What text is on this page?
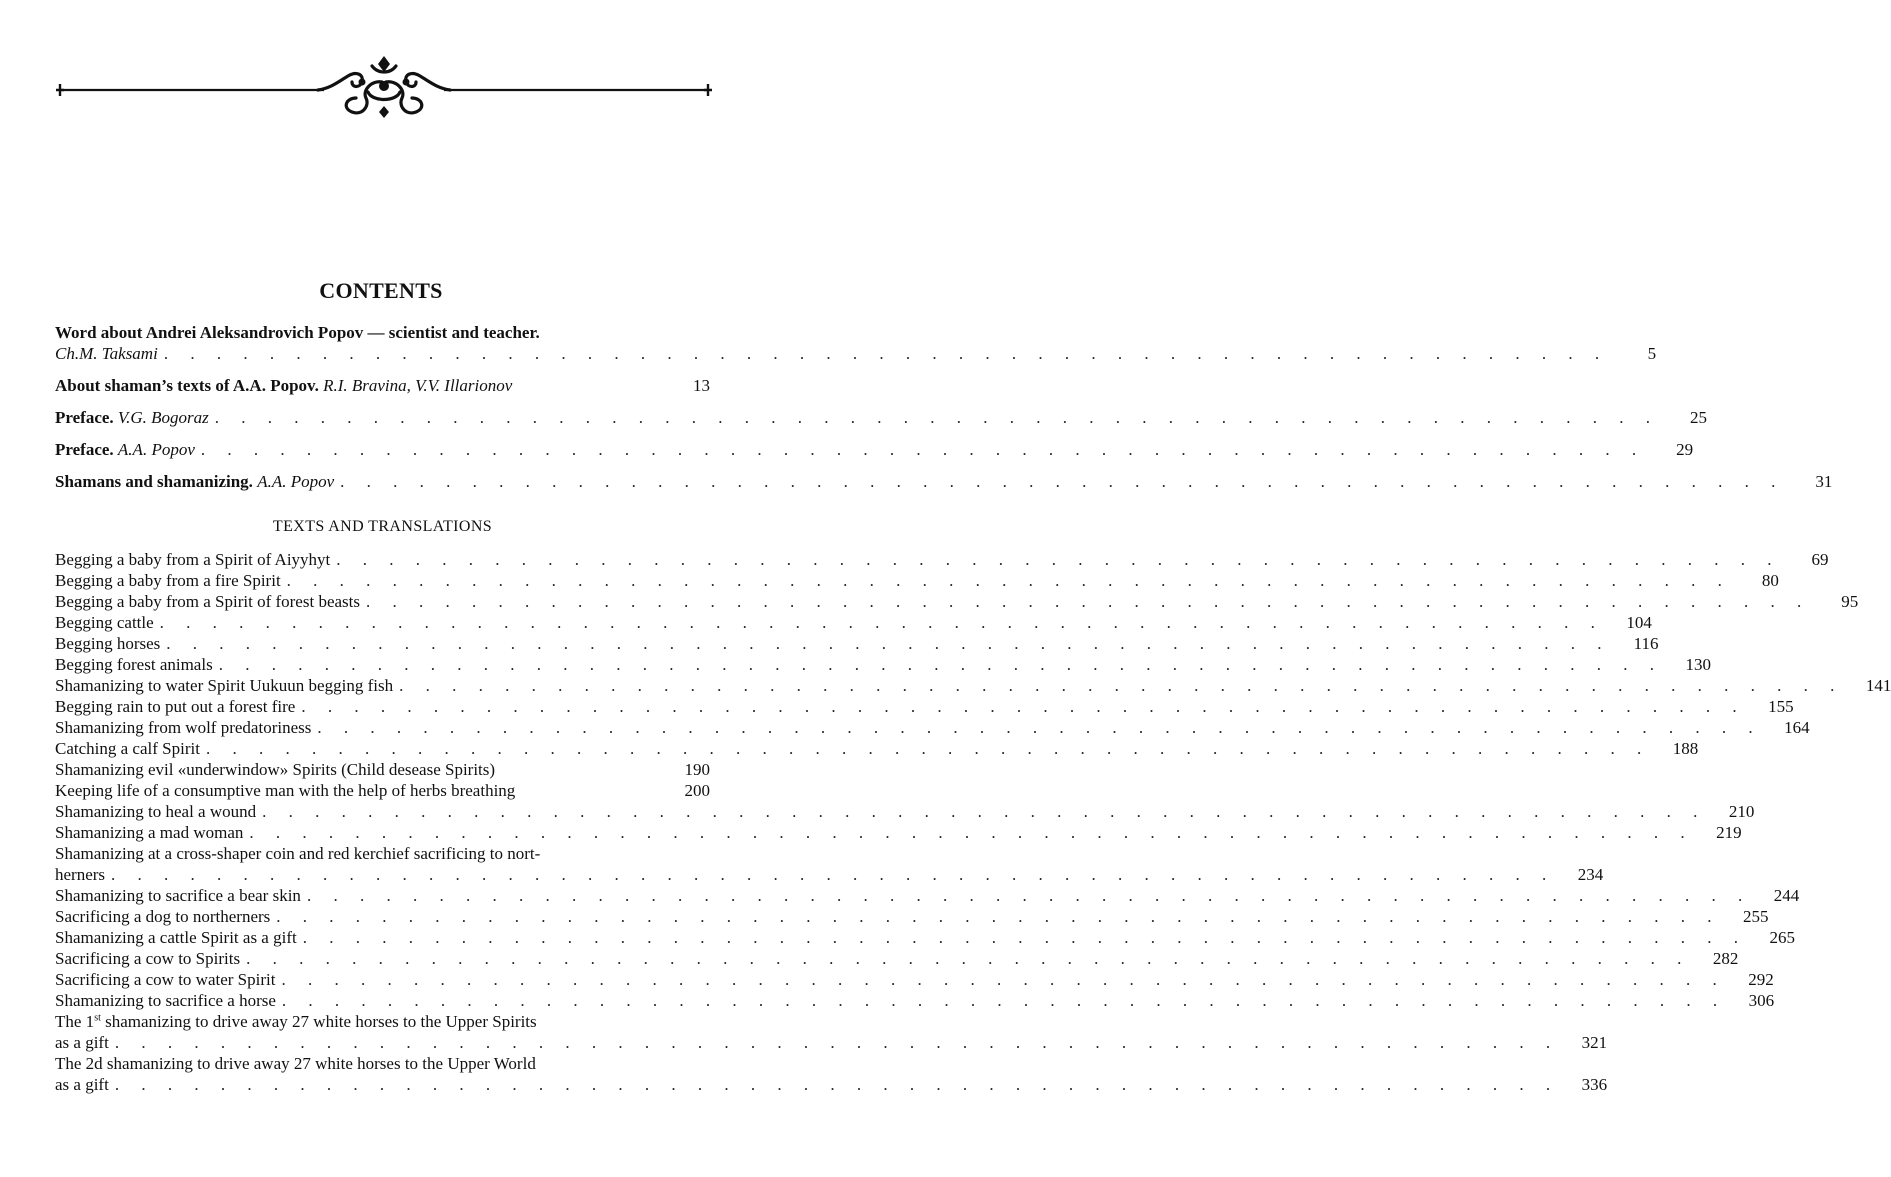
CONTENTS
Word about Andrei Aleksandrovich Popov — scientist and teacher.
Ch.M. Taksami . . . . . . . . . . . . . . . . . . . . . . . . . . . . . . . . . . . . . . . . . . . . . . . . . . . . . . .	5
About shaman’s texts of A.A. Popov. R.I. Bravina, V.V. Illarionov	13
Preface. V.G. Bogoraz . . . . . . . . . . . . . . . . . . . . . . . . . . . . . . . . . . . . . . . . . . . . . . . . . . . . . . .	25
Preface. A.A. Popov . . . . . . . . . . . . . . . . . . . . . . . . . . . . . . . . . . . . . . . . . . . . . . . . . . . . . . .	29
Shamans and shamanizing. A.A. Popov . . . . . . . . . . . . . . . . . . . . . . . . . . . . . . . . . . . . . . . . . . . . . . . . . . . . . . .	31
TEXTS AND TRANSLATIONS
Begging a baby from a Spirit of Aiyyhyt . . . . . . . . . . . . . . . . . . . . . . . . . . . . . . . . . . . . . . . . . . . . . . . . . . . . . . .	69
Begging a baby from a fire Spirit . . . . . . . . . . . . . . . . . . . . . . . . . . . . . . . . . . . . . . . . . . . . . . . . . . . . . . .	80
Begging a baby from a Spirit of forest beasts . . . . . . . . . . . . . . . . . . . . . . . . . . . . . . . . . . . . . . . . . . . . . . . . . . . . . . .	95
Begging cattle . . . . . . . . . . . . . . . . . . . . . . . . . . . . . . . . . . . . . . . . . . . . . . . . . . . . . . .	104
Begging horses . . . . . . . . . . . . . . . . . . . . . . . . . . . . . . . . . . . . . . . . . . . . . . . . . . . . . . .	116
Begging forest animals . . . . . . . . . . . . . . . . . . . . . . . . . . . . . . . . . . . . . . . . . . . . . . . . . . . . . . .	130
Shamanizing to water Spirit Uukuun begging fish . . . . . . . . . . . . . . . . . . . . . . . . . . . . . . . . . . . . . . . . . . . . . . . . . . . . . . .	141
Begging rain to put out a forest fire . . . . . . . . . . . . . . . . . . . . . . . . . . . . . . . . . . . . . . . . . . . . . . . . . . . . . . .	155
Shamanizing from wolf predatoriness . . . . . . . . . . . . . . . . . . . . . . . . . . . . . . . . . . . . . . . . . . . . . . . . . . . . . . .	164
Catching a calf Spirit . . . . . . . . . . . . . . . . . . . . . . . . . . . . . . . . . . . . . . . . . . . . . . . . . . . . . . .	188
Shamanizing evil «underwindow» Spirits (Child desease Spirits)	190
Keeping life of a consumptive man with the help of herbs breathing	200
Shamanizing to heal a wound . . . . . . . . . . . . . . . . . . . . . . . . . . . . . . . . . . . . . . . . . . . . . . . . . . . . . . .	210
Shamanizing a mad woman . . . . . . . . . . . . . . . . . . . . . . . . . . . . . . . . . . . . . . . . . . . . . . . . . . . . . . .	219
Shamanizing at a cross-shaper coin and red kerchief sacrificing to nort-
herners . . . . . . . . . . . . . . . . . . . . . . . . . . . . . . . . . . . . . . . . . . . . . . . . . . . . . . .	234
Shamanizing to sacrifice a bear skin . . . . . . . . . . . . . . . . . . . . . . . . . . . . . . . . . . . . . . . . . . . . . . . . . . . . . . .	244
Sacrificing a dog to northerners . . . . . . . . . . . . . . . . . . . . . . . . . . . . . . . . . . . . . . . . . . . . . . . . . . . . . . .	255
Shamanizing a cattle Spirit as a gift . . . . . . . . . . . . . . . . . . . . . . . . . . . . . . . . . . . . . . . . . . . . . . . . . . . . . . .	265
Sacrificing a cow to Spirits . . . . . . . . . . . . . . . . . . . . . . . . . . . . . . . . . . . . . . . . . . . . . . . . . . . . . . .	282
Sacrificing a cow to water Spirit . . . . . . . . . . . . . . . . . . . . . . . . . . . . . . . . . . . . . . . . . . . . . . . . . . . . . . .	292
Shamanizing to sacrifice a horse . . . . . . . . . . . . . . . . . . . . . . . . . . . . . . . . . . . . . . . . . . . . . . . . . . . . . . .	306
The 1st shamanizing to drive away 27 white horses to the Upper Spirits
as a gift . . . . . . . . . . . . . . . . . . . . . . . . . . . . . . . . . . . . . . . . . . . . . . . . . . . . . . .	321
The 2d shamanizing to drive away 27 white horses to the Upper World
as a gift . . . . . . . . . . . . . . . . . . . . . . . . . . . . . . . . . . . . . . . . . . . . . . . . . . . . . . .	336
